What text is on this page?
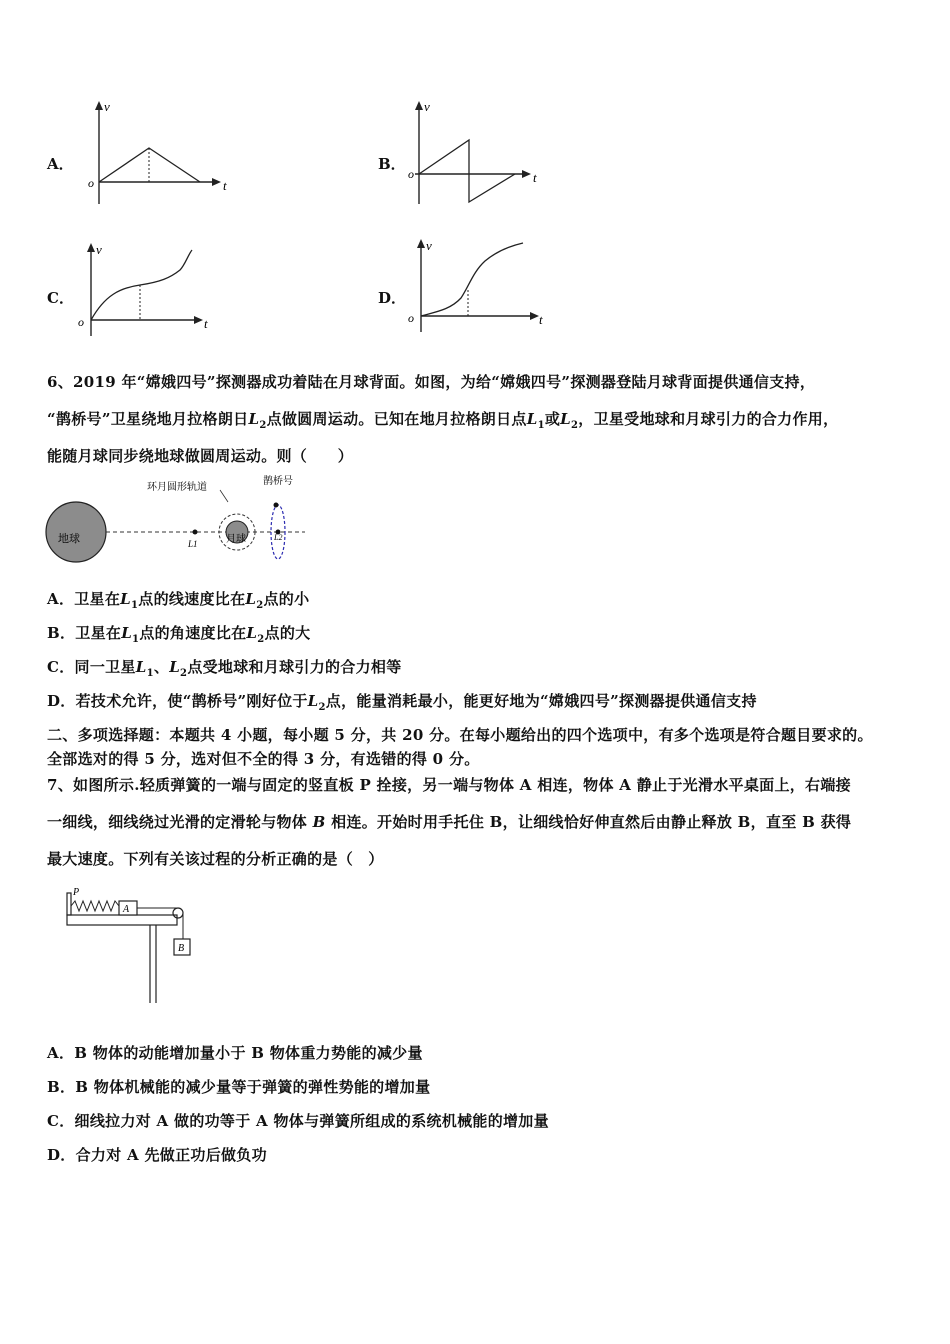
A．	B．
C．	D．
v
t
o
v
t
o
v
t
o
v
t
o
6、2019 年“嫦娥四号”探测器成功着陆在月球背面。如图，为给“嫦娥四号”探测器登陆月球背面提供通信支持，
“鹊桥号”卫星绕地月拉格朗日$L_2$点做圆周运动。已知在地月拉格朗日点$L_1$或$L_2$，卫星受地球和月球引力的合力作用，
能随月球同步绕地球做圆周运动。则（　　）
地球	月球
环月圆形轨道
鹊桥号
L1
L2
A．卫星在$L_1$点的线速度比在$L_2$点的小
B．卫星在$L_1$点的角速度比在$L_2$点的大
C．同一卫星$L_1$、$L_2$点受地球和月球引力的合力相等
D．若技术允许，使“鹊桥号”刚好位于$L_2$点，能量消耗最小，能更好地为“嫦娥四号”探测器提供通信支持
二、多项选择题：本题共 4 小题，每小题 5 分，共 20 分。在每小题给出的四个选项中，有多个选项是符合题目要求的。
全部选对的得 5 分，选对但不全的得 3 分，有选错的得 0 分。
7、如图所示.轻质弹簧的一端与固定的竖直板 P 拴接，另一端与物体 A 相连，物体 A 静止于光滑水平桌面上，右端接
一细线，细线绕过光滑的定滑轮与物体 B 相连。开始时用手托住 B，让细线恰好伸直然后由静止释放 B，直至 B 获得
最大速度。下列有关该过程的分析正确的是（　）
P
A
B
A．B 物体的动能增加量小于 B 物体重力势能的减少量
B．B 物体机械能的减少量等于弹簧的弹性势能的增加量
C．细线拉力对 A 做的功等于 A 物体与弹簧所组成的系统机械能的增加量
D．合力对 A 先做正功后做负功
